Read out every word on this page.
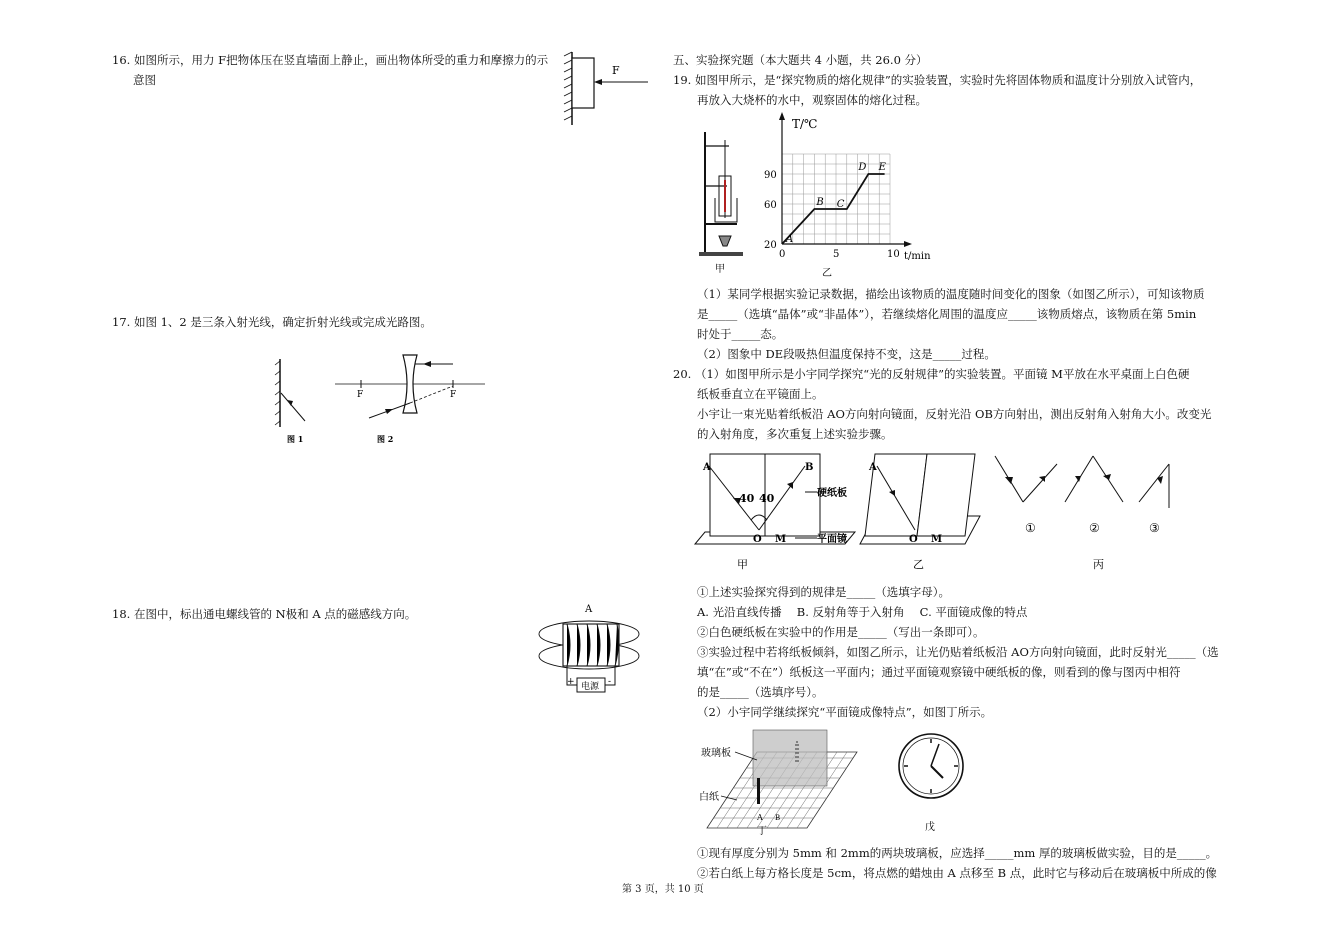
16. 如图所示，用力 F把物体压在竖直墙面上静止，画出物体所受的重力和摩擦力的示
意图
F
17. 如图 1、2 是三条入射光线，确定折射光线或完成光路图。
图 1
F	F
图 2
18. 在图中，标出通电螺线管的 N极和 A 点的磁感线方向。	A
电源
+	-
五、实验探究题（本大题共 4 小题，共 26.0 分）
19. 如图甲所示，是“探究物质的熔化规律”的实验装置，实验时先将固体物质和温度计分别放入试管内，
再放入大烧杯的水中，观察固体的熔化过程。
甲
T/℃
t/min
20
60
90
0	5	10
A
B C
D E
乙
（1）某同学根据实验记录数据，描绘出该物质的温度随时间变化的图象（如图乙所示），可知该物质
是_____（选填“晶体”或“非晶体”），若继续熔化周围的温度应_____该物质熔点，该物质在第 5min
时处于_____态。
（2）图象中 DE段吸热但温度保持不变，这是_____过程。
20. （1）如图甲所示是小宇同学探究“光的反射规律”的实验装置。平面镜 M平放在水平桌面上白色硬
纸板垂直立在平镜面上。
小宇让一束光贴着纸板沿 AO方向射向镜面，反射光沿 OB方向射出，测出反射角入射角大小。改变光
的入射角度，多次重复上述实验步骤。
A	B
40 40
O M
硬纸板
平面镜
甲
A
O M
乙
①	②	③
丙
①上述实验探究得到的规律是_____（选填字母）。
A. 光沿直线传播　 B. 反射角等于入射角　 C. 平面镜成像的特点
②白色硬纸板在实验中的作用是_____（写出一条即可）。
③实验过程中若将纸板倾斜，如图乙所示，让光仍贴着纸板沿 AO方向射向镜面，此时反射光_____（选
填“在”或“不在”）纸板这一平面内；通过平面镜观察镜中硬纸板的像，则看到的像与图丙中相符
的是_____（选填序号）。
（2）小宇同学继续探究“平面镜成像特点”，如图丁所示。
玻璃板
白纸
A B
丁	戊
①现有厚度分别为 5mm 和 2mm的两块玻璃板，应选择_____mm 厚的玻璃板做实验，目的是_____。
②若白纸上每方格长度是 5cm，将点燃的蜡烛由 A 点移至 B 点，此时它与移动后在玻璃板中所成的像
第 3 页，共 10 页
